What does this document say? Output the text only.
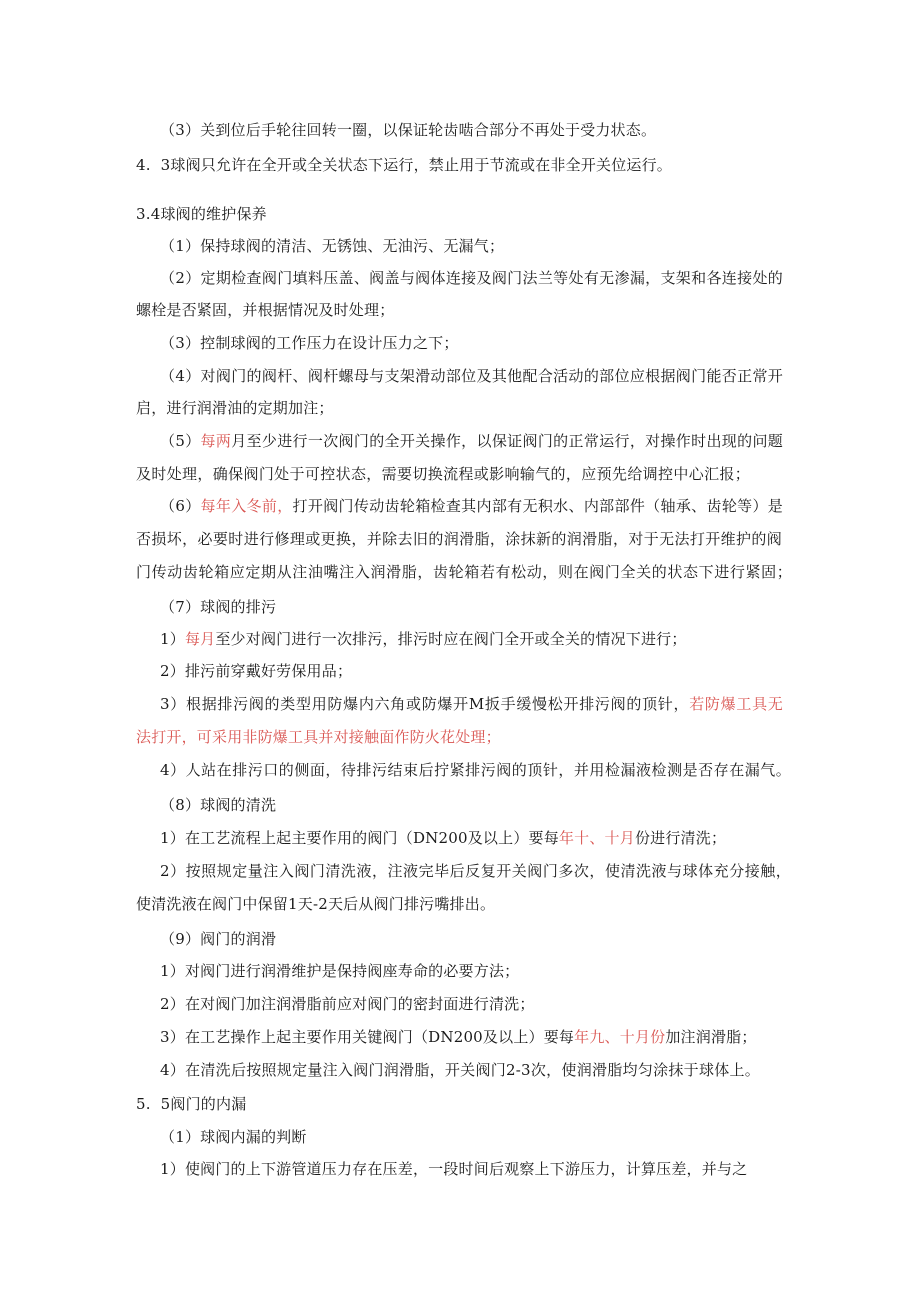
（3）关到位后手轮往回转一圈，以保证轮齿啮合部分不再处于受力状态。
4.  3球阀只允许在全开或全关状态下运行，禁止用于节流或在非全开关位运行。
3.4球阀的维护保养
（1）保持球阀的清洁、无锈蚀、无油污、无漏气；
（2）定期检查阀门填料压盖、阀盖与阀体连接及阀门法兰等处有无渗漏，支架和各连接处的
螺栓是否紧固，并根据情况及时处理；
（3）控制球阀的工作压力在设计压力之下；
（4）对阀门的阀杆、阀杆螺母与支架滑动部位及其他配合活动的部位应根据阀门能否正常开
启，进行润滑油的定期加注；
（5）每两月至少进行一次阀门的全开关操作，以保证阀门的正常运行，对操作时出现的问题
及时处理，确保阀门处于可控状态，需要切换流程或影响输气的，应预先给调控中心汇报；
（6）每年入冬前，打开阀门传动齿轮箱检查其内部有无积水、内部部件（轴承、齿轮等）是
否损坏，必要时进行修理或更换，并除去旧的润滑脂，涂抹新的润滑脂，对于无法打开维护的阀
门传动齿轮箱应定期从注油嘴注入润滑脂，齿轮箱若有松动，则在阀门全关的状态下进行紧固；
（7）球阀的排污
1）每月至少对阀门进行一次排污，排污时应在阀门全开或全关的情况下进行；
2）排污前穿戴好劳保用品；
3）根据排污阀的类型用防爆内六角或防爆开M扳手缓慢松开排污阀的顶针，若防爆工具无
法打开，可采用非防爆工具并对接触面作防火花处理；
4）人站在排污口的侧面，待排污结束后拧紧排污阀的顶针，并用检漏液检测是否存在漏气。
（8）球阀的清洗
1）在工艺流程上起主要作用的阀门（DN200及以上）要每年十、十月份进行清洗；
2）按照规定量注入阀门清洗液，注液完毕后反复开关阀门多次，使清洗液与球体充分接触，
使清洗液在阀门中保留1天-2天后从阀门排污嘴排出。
（9）阀门的润滑
1）对阀门进行润滑维护是保持阀座寿命的必要方法；
2）在对阀门加注润滑脂前应对阀门的密封面进行清洗；
3）在工艺操作上起主要作用关键阀门（DN200及以上）要每年九、十月份加注润滑脂；
4）在清洗后按照规定量注入阀门润滑脂，开关阀门2-3次，使润滑脂均匀涂抹于球体上。
5.  5阀门的内漏
（1）球阀内漏的判断
1）使阀门的上下游管道压力存在压差，一段时间后观察上下游压力，计算压差，并与之
